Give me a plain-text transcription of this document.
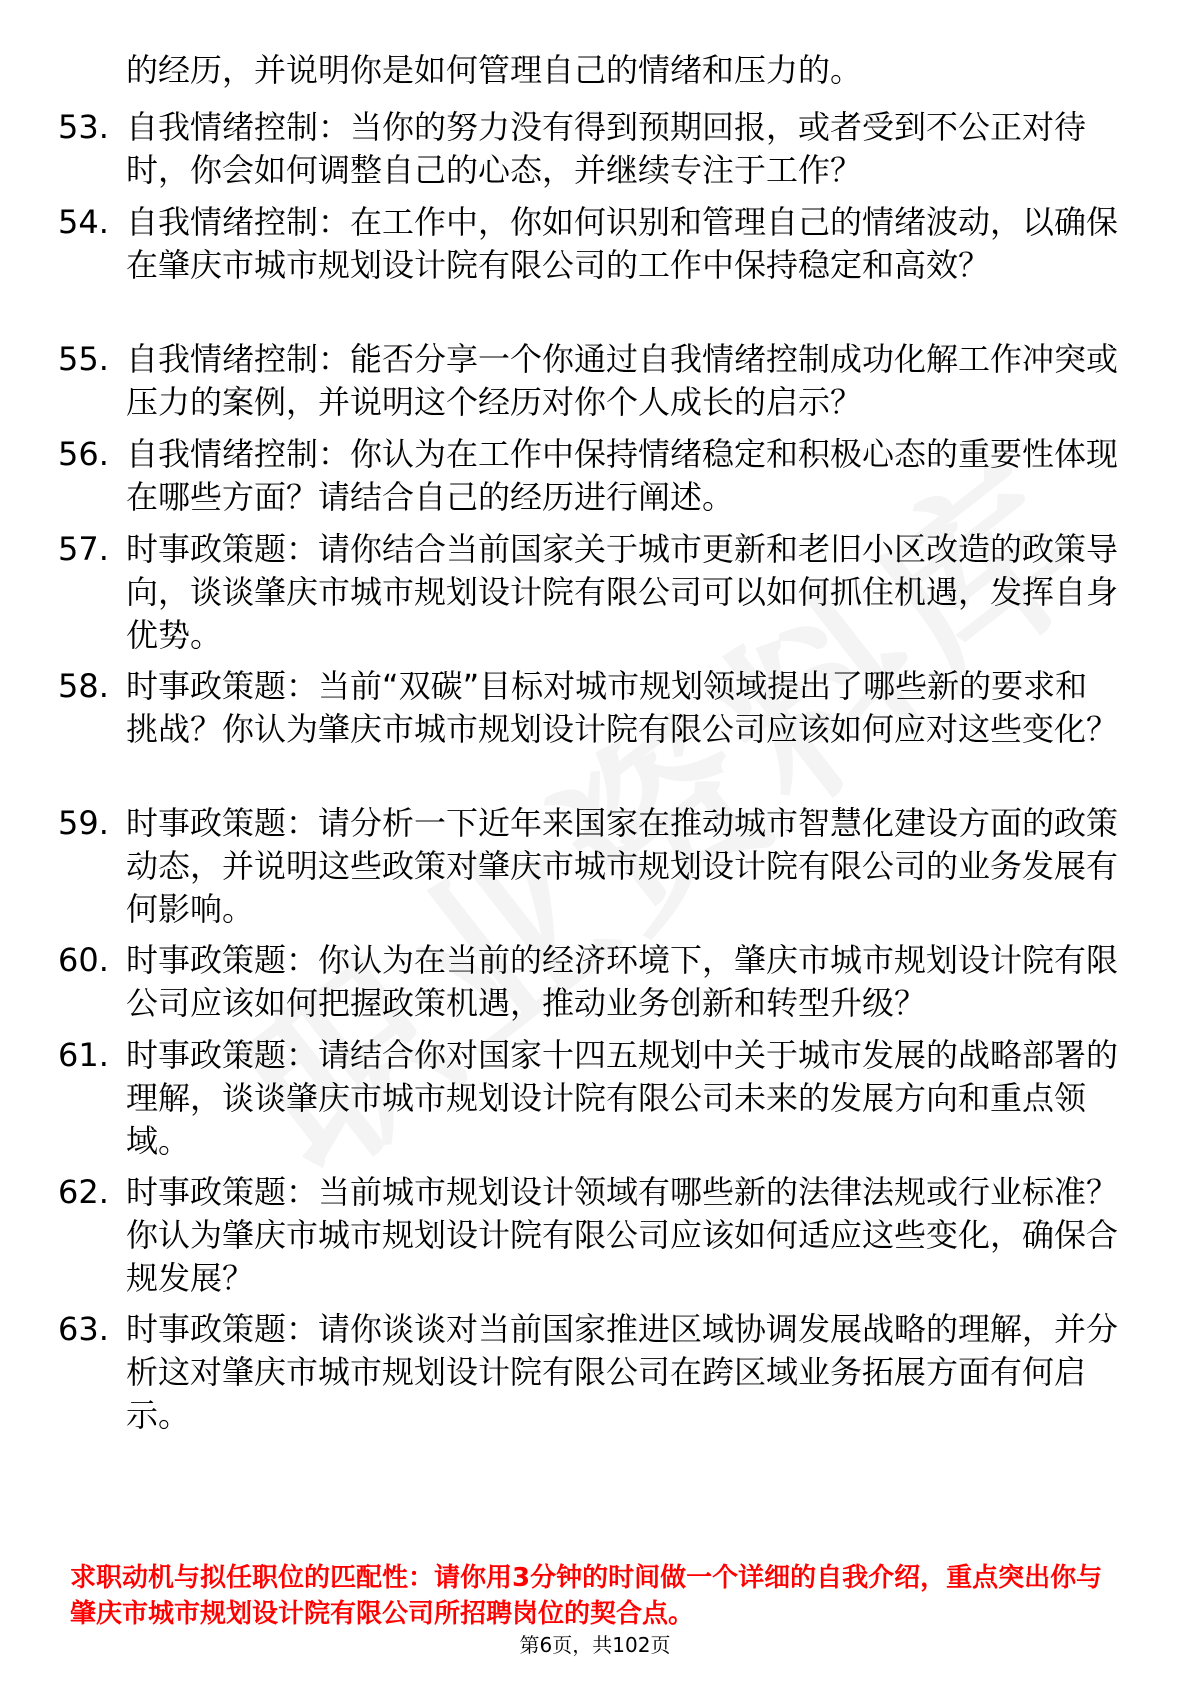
的经历，并说明你是如何管理自己的情绪和压力的。
53. 自我情绪控制：当你的努力没有得到预期回报，或者受到不公正对待时，你会如何调整自己的心态，并继续专注于工作？
54. 自我情绪控制：在工作中，你如何识别和管理自己的情绪波动，以确保在肇庆市城市规划设计院有限公司的工作中保持稳定和高效？
55. 自我情绪控制：能否分享一个你通过自我情绪控制成功化解工作冲突或压力的案例，并说明这个经历对你个人成长的启示？
56. 自我情绪控制：你认为在工作中保持情绪稳定和积极心态的重要性体现在哪些方面？请结合自己的经历进行阐述。
57. 时事政策题：请你结合当前国家关于城市更新和老旧小区改造的政策导向，谈谈肇庆市城市规划设计院有限公司可以如何抓住机遇，发挥自身优势。
58. 时事政策题：当前“双碳”目标对城市规划领域提出了哪些新的要求和挑战？你认为肇庆市城市规划设计院有限公司应该如何应对这些变化？
59. 时事政策题：请分析一下近年来国家在推动城市智慧化建设方面的政策动态，并说明这些政策对肇庆市城市规划设计院有限公司的业务发展有何影响。
60. 时事政策题：你认为在当前的经济环境下，肇庆市城市规划设计院有限公司应该如何把握政策机遇，推动业务创新和转型升级？
61. 时事政策题：请结合你对国家十四五规划中关于城市发展的战略部署的理解，谈谈肇庆市城市规划设计院有限公司未来的发展方向和重点领域。
62. 时事政策题：当前城市规划设计领域有哪些新的法律法规或行业标准？你认为肇庆市城市规划设计院有限公司应该如何适应这些变化，确保合规发展？
63. 时事政策题：请你谈谈对当前国家推进区域协调发展战略的理解，并分析这对肇庆市城市规划设计院有限公司在跨区域业务拓展方面有何启示。
求职动机与拟任职位的匹配性：请你用3分钟的时间做一个详细的自我介绍，重点突出你与肇庆市城市规划设计院有限公司所招聘岗位的契合点。
第6页，共102页
